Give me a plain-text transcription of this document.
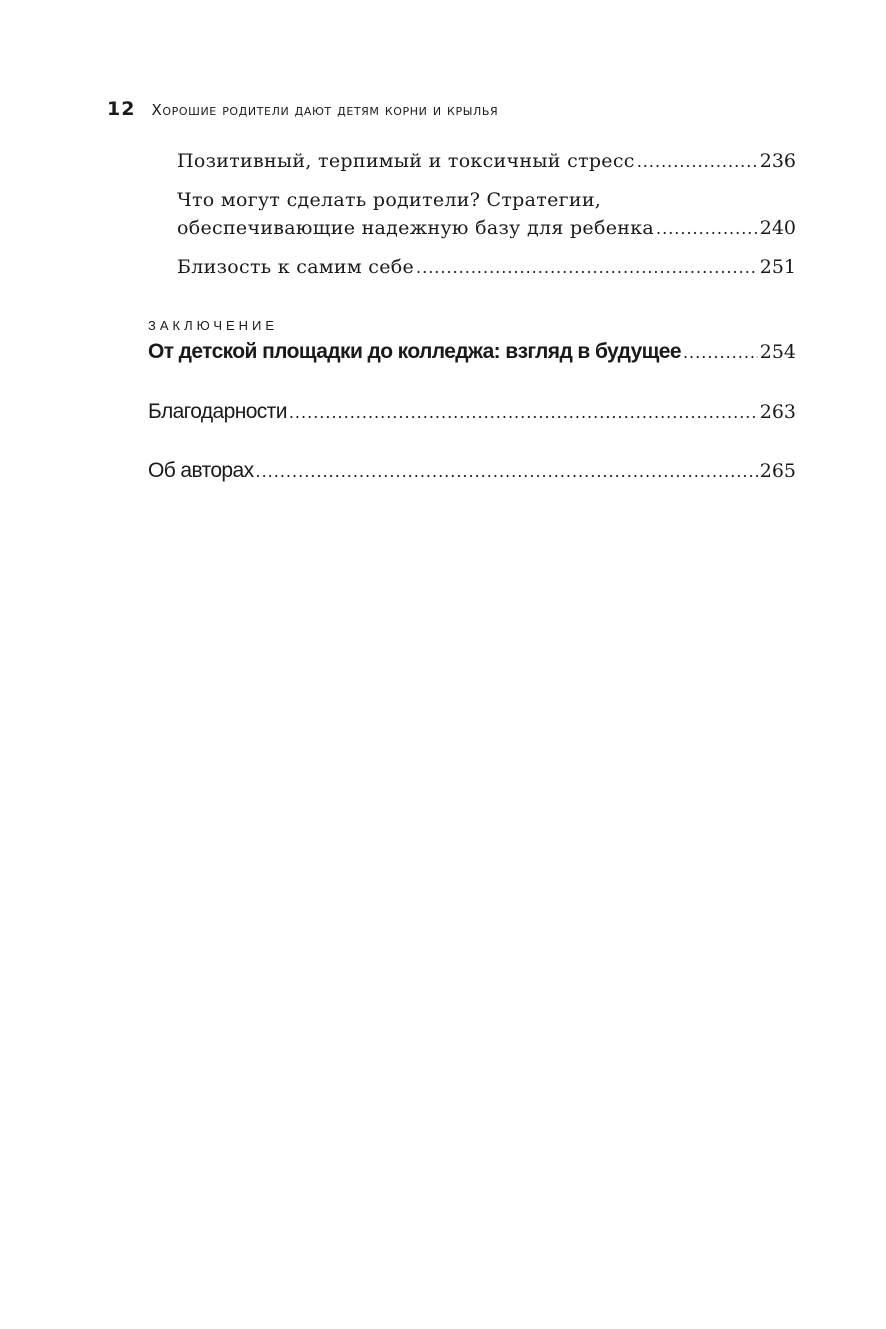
12 Хорошие родители дают детям корни и крылья
Позитивный, терпимый и токсичный стресс .....	236
Что могут сделать родители? Стратегии,
обеспечивающие надежную базу для ребенка .....	240
Близость к самим себе .....	251
ЗАКЛЮЧЕНИЕ
От детской площадки до колледжа: взгляд в будущее .....	254
Благодарности .....	263
Об авторах .....	265
